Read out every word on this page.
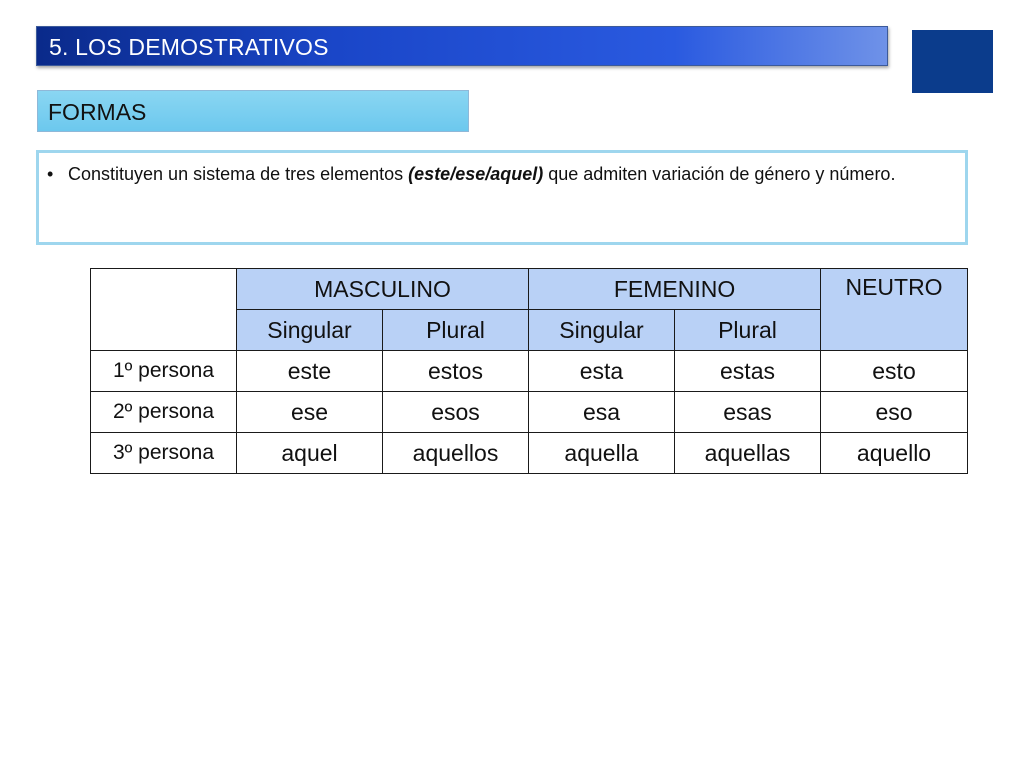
5. LOS DEMOSTRATIVOS
FORMAS
• Constituyen un sistema de tres elementos (este/ese/aquel) que admiten variación de género y número.
	MASCULINO		FEMENINO		NEUTRO
	Singular	Plural	Singular	Plural	
1º persona	este	estos	esta	estas	esto
2º persona	ese	esos	esa	esas	eso
3º persona	aquel	aquellos	aquella	aquellas	aquello
